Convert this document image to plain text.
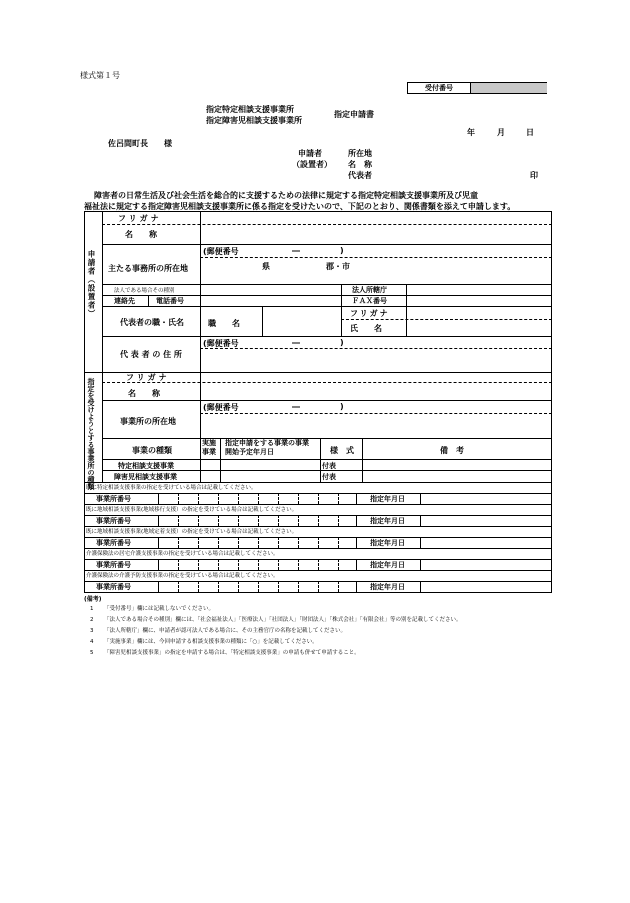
様式第１号
受付番号
指定特定相談支援事業所
指定障害児相談支援事業所
指定申請書
年	月	日
佐呂間町長　　様
申請者
（設置者）
所在地
名　称
代表者	印
障害者の日常生活及び社会生活を総合的に支援するための法律に規定する指定特定相談支援事業所及び児童
福祉法に規定する指定障害児相談支援事業所に係る指定を受けたいので、下記のとおり、関係書類を添えて申請します。
申請者（設置者）
フリガナ
名　　称
主たる事務所の所在地
(郵便番号	―	)
県	郡・市
法人である場合その種別	法人所轄庁
連絡先	電話番号	ＦＡＸ番号
代表者の職・氏名	職　　名
フリガナ
氏　　名
代 表 者 の 住 所
(郵便番号	―	)
指定を受けようとする事業所の種類
フリガナ
名　　称
事業所の所在地
(郵便番号	―	)
事業の種類
実施事業
指定申請をする事業の事業開始予定年月日	様　式	備　考
特定相談支援事業	付表
障害児相談支援事業	付表
既に特定相談支援事業の指定を受けている場合は記載してください。
事業所番号	指定年月日
既に地域相談支援事業(地域移行支援）の指定を受けている場合は記載してください。
事業所番号	指定年月日
既に地域相談支援事業(地域定着支援）の指定を受けている場合は記載してください。
事業所番号	指定年月日
介護保険法の居宅介護支援事業の指定を受けている場合は記載してください。
事業所番号	指定年月日
介護保険法の介護予防支援事業の指定を受けている場合は記載してください。
事業所番号	指定年月日
(備考)
1 「受付番号」欄には記載しないでください。
2 「法人である場合その種別」欄には、「社会福祉法人」「医療法人」「社団法人」「財団法人」「株式会社」「有限会社」等の別を記載してください。
3 「法人所轄庁」欄に、申請者が認可法人である場合に、その主務官庁の名称を記載してください。
4 「実施事業」欄には、今回申請する相談支援事業の種類に「○」を記載してください。
5 「障害児相談支援事業」の指定を申請する場合は、「特定相談支援事業」の申請も併せて申請すること。
